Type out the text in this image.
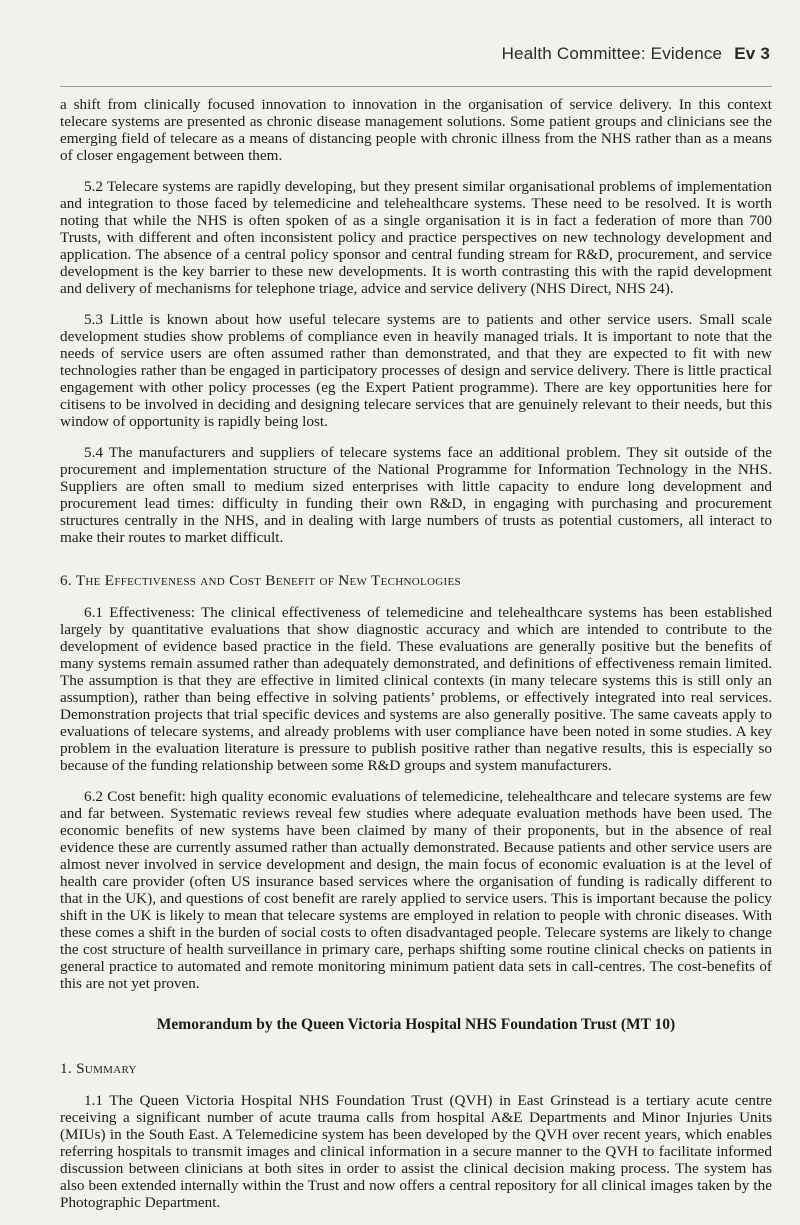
Health Committee: Evidence Ev 3

a shift from clinically focused innovation to innovation in the organisation of service delivery. In this context telecare systems are presented as chronic disease management solutions. Some patient groups and clinicians see the emerging field of telecare as a means of distancing people with chronic illness from the NHS rather than as a means of closer engagement between them.

5.2 Telecare systems are rapidly developing, but they present similar organisational problems of implementation and integration to those faced by telemedicine and telehealthcare systems. These need to be resolved. It is worth noting that while the NHS is often spoken of as a single organisation it is in fact a federation of more than 700 Trusts, with different and often inconsistent policy and practice perspectives on new technology development and application. The absence of a central policy sponsor and central funding stream for R&D, procurement, and service development is the key barrier to these new developments. It is worth contrasting this with the rapid development and delivery of mechanisms for telephone triage, advice and service delivery (NHS Direct, NHS 24).

5.3 Little is known about how useful telecare systems are to patients and other service users. Small scale development studies show problems of compliance even in heavily managed trials. It is important to note that the needs of service users are often assumed rather than demonstrated, and that they are expected to fit with new technologies rather than be engaged in participatory processes of design and service delivery. There is little practical engagement with other policy processes (eg the Expert Patient programme). There are key opportunities here for citisens to be involved in deciding and designing telecare services that are genuinely relevant to their needs, but this window of opportunity is rapidly being lost.

5.4 The manufacturers and suppliers of telecare systems face an additional problem. They sit outside of the procurement and implementation structure of the National Programme for Information Technology in the NHS. Suppliers are often small to medium sized enterprises with little capacity to endure long development and procurement lead times: difficulty in funding their own R&D, in engaging with purchasing and procurement structures centrally in the NHS, and in dealing with large numbers of trusts as potential customers, all interact to make their routes to market difficult.

6. The Effectiveness and Cost Benefit of New Technologies

6.1 Effectiveness: The clinical effectiveness of telemedicine and telehealthcare systems has been established largely by quantitative evaluations that show diagnostic accuracy and which are intended to contribute to the development of evidence based practice in the field. These evaluations are generally positive but the benefits of many systems remain assumed rather than adequately demonstrated, and definitions of effectiveness remain limited. The assumption is that they are effective in limited clinical contexts (in many telecare systems this is still only an assumption), rather than being effective in solving patients’ problems, or effectively integrated into real services. Demonstration projects that trial specific devices and systems are also generally positive. The same caveats apply to evaluations of telecare systems, and already problems with user compliance have been noted in some studies. A key problem in the evaluation literature is pressure to publish positive rather than negative results, this is especially so because of the funding relationship between some R&D groups and system manufacturers.

6.2 Cost benefit: high quality economic evaluations of telemedicine, telehealthcare and telecare systems are few and far between. Systematic reviews reveal few studies where adequate evaluation methods have been used. The economic benefits of new systems have been claimed by many of their proponents, but in the absence of real evidence these are currently assumed rather than actually demonstrated. Because patients and other service users are almost never involved in service development and design, the main focus of economic evaluation is at the level of health care provider (often US insurance based services where the organisation of funding is radically different to that in the UK), and questions of cost benefit are rarely applied to service users. This is important because the policy shift in the UK is likely to mean that telecare systems are employed in relation to people with chronic diseases. With these comes a shift in the burden of social costs to often disadvantaged people. Telecare systems are likely to change the cost structure of health surveillance in primary care, perhaps shifting some routine clinical checks on patients in general practice to automated and remote monitoring minimum patient data sets in call-centres. The cost-benefits of this are not yet proven.

Memorandum by the Queen Victoria Hospital NHS Foundation Trust (MT 10)
1. Summary

1.1 The Queen Victoria Hospital NHS Foundation Trust (QVH) in East Grinstead is a tertiary acute centre receiving a significant number of acute trauma calls from hospital A&E Departments and Minor Injuries Units (MIUs) in the South East. A Telemedicine system has been developed by the QVH over recent years, which enables referring hospitals to transmit images and clinical information in a secure manner to the QVH to facilitate informed discussion between clinicians at both sites in order to assist the clinical decision making process. The system has also been extended internally within the Trust and now offers a central repository for all clinical images taken by the Photographic Department.
